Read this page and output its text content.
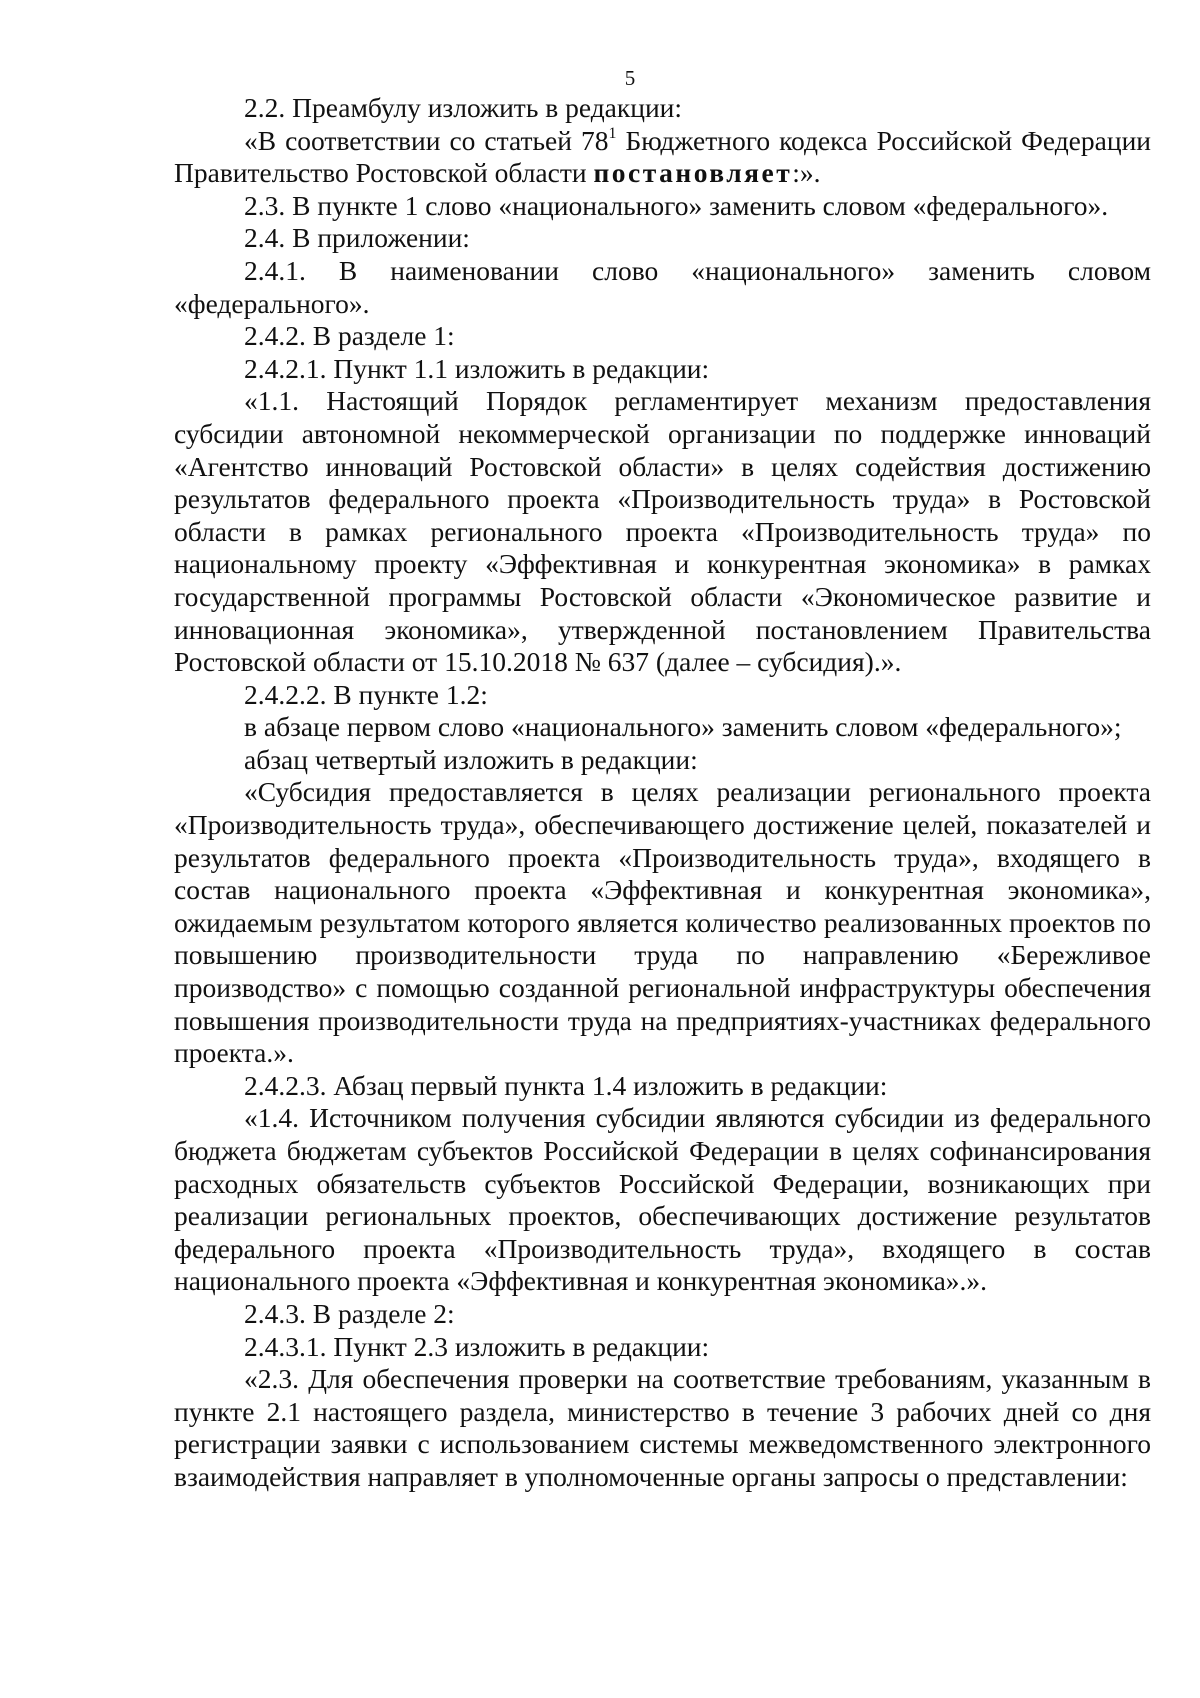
5

2.2. Преамбулу изложить в редакции:

«В соответствии со статьей $78^1$ Бюджетного кодекса Российской Федерации Правительство Ростовской области постановляет:».

2.3. В пункте 1 слово «национального» заменить словом «федерального».

2.4. В приложении:

2.4.1. В наименовании слово «национального» заменить словом «федерального».

2.4.2. В разделе 1:

2.4.2.1. Пункт 1.1 изложить в редакции:

«1.1. Настоящий Порядок регламентирует механизм предоставления субсидии автономной некоммерческой организации по поддержке инноваций «Агентство инноваций Ростовской области» в целях содействия достижению результатов федерального проекта «Производительность труда» в Ростовской области в рамках регионального проекта «Производительность труда» по национальному проекту «Эффективная и конкурентная экономика» в рамках государственной программы Ростовской области «Экономическое развитие и инновационная экономика», утвержденной постановлением Правительства Ростовской области от 15.10.2018 № 637 (далее – субсидия).».

2.4.2.2. В пункте 1.2:

в абзаце первом слово «национального» заменить словом «федерального»;

абзац четвертый изложить в редакции:

«Субсидия предоставляется в целях реализации регионального проекта «Производительность труда», обеспечивающего достижение целей, показателей и результатов федерального проекта «Производительность труда», входящего в состав национального проекта «Эффективная и конкурентная экономика», ожидаемым результатом которого является количество реализованных проектов по повышению производительности труда по направлению «Бережливое производство» с помощью созданной региональной инфраструктуры обеспечения повышения производительности труда на предприятиях-участниках федерального проекта.».

2.4.2.3. Абзац первый пункта 1.4 изложить в редакции:

«1.4. Источником получения субсидии являются субсидии из федерального бюджета бюджетам субъектов Российской Федерации в целях софинансирования расходных обязательств субъектов Российской Федерации, возникающих при реализации региональных проектов, обеспечивающих достижение результатов федерального проекта «Производительность труда», входящего в состав национального проекта «Эффективная и конкурентная экономика».».

2.4.3. В разделе 2:

2.4.3.1. Пункт 2.3 изложить в редакции:

«2.3. Для обеспечения проверки на соответствие требованиям, указанным в пункте 2.1 настоящего раздела, министерство в течение 3 рабочих дней со дня регистрации заявки с использованием системы межведомственного электронного взаимодействия направляет в уполномоченные органы запросы о представлении:
